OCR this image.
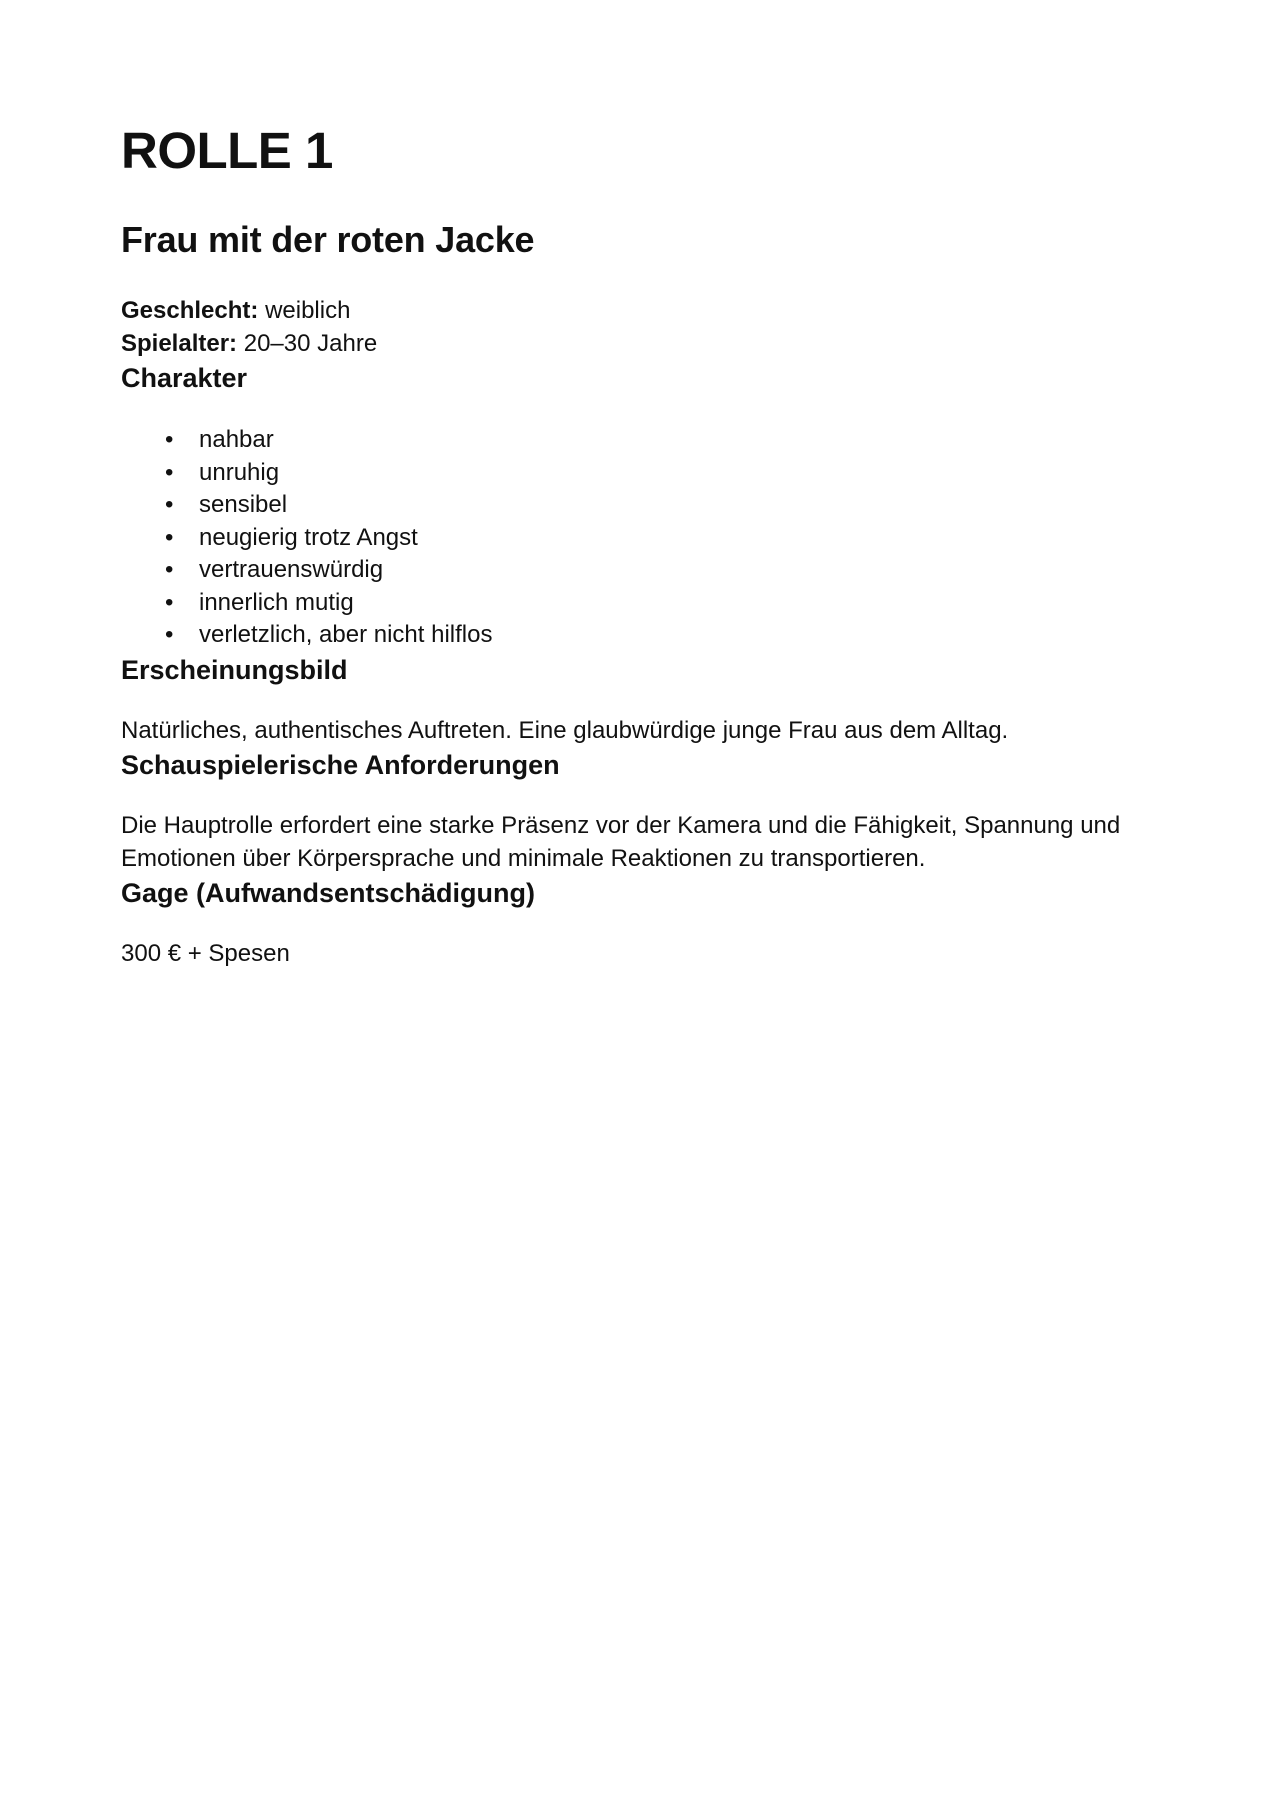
ROLLE 1
Frau mit der roten Jacke
Geschlecht: weiblich
Spielalter: 20–30 Jahre
Charakter
• nahbar
• unruhig
• sensibel
• neugierig trotz Angst
• vertrauenswürdig
• innerlich mutig
• verletzlich, aber nicht hilflos
Erscheinungsbild

Natürliches, authentisches Auftreten. Eine glaubwürdige junge Frau aus dem Alltag.

Schauspielerische Anforderungen

Die Hauptrolle erfordert eine starke Präsenz vor der Kamera und die Fähigkeit, Spannung und Emotionen über Körpersprache und minimale Reaktionen zu transportieren.

Gage (Aufwandsentschädigung)

300 € + Spesen
